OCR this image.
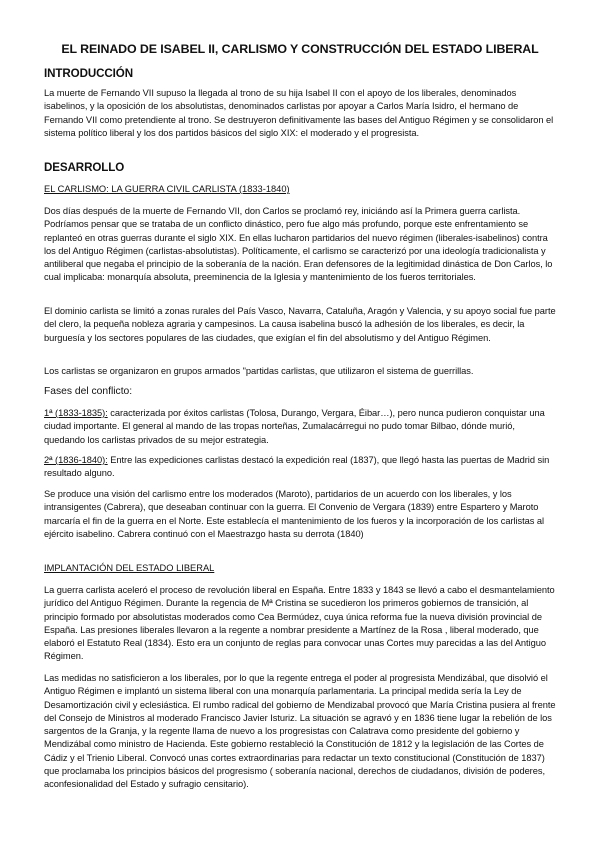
EL REINADO DE ISABEL II, CARLISMO Y CONSTRUCCIÓN DEL ESTADO LIBERAL
INTRODUCCIÓN

La muerte de Fernando VII supuso la llegada al trono de su hija Isabel II con el apoyo de los liberales, denominados isabelinos, y la oposición de los absolutistas, denominados carlistas por apoyar a Carlos María Isidro, el hermano de Fernando VII como pretendiente al trono. Se destruyeron definitivamente las bases del Antiguo Régimen y se consolidaron el sistema político liberal y los dos partidos básicos del siglo XIX: el moderado y el progresista.

DESARROLLO

EL CARLISMO: LA GUERRA CIVIL CARLISTA (1833-1840)

Dos días después de la muerte de Fernando VII, don Carlos se proclamó rey, iniciándo así la Primera guerra carlista. Podríamos pensar que se trataba de un conflicto dinástico, pero fue algo más profundo, porque este enfrentamiento se replanteó en otras guerras durante el siglo XIX. En ellas lucharon partidarios del nuevo régimen (liberales-isabelinos) contra los del Antiguo Régimen (carlistas-absolutistas). Políticamente, el carlismo se caracterizó por una ideología tradicionalista y antiliberal que negaba el principio de la soberanía de la nación. Eran defensores de la legitimidad dinástica de Don Carlos, lo cual implicaba: monarquía absoluta, preeminencia de la Iglesia y mantenimiento de los fueros territoriales.

El dominio carlista se limitó a zonas rurales del País Vasco, Navarra, Cataluña, Aragón y Valencia, y su apoyo social fue parte del clero, la pequeña nobleza agraria y campesinos. La causa isabelina buscó la adhesión de los liberales, es decir, la burguesía y los sectores populares de las ciudades, que exigían el fin del absolutismo y del Antiguo Régimen.

Los carlistas se organizaron en grupos armados "partidas carlistas, que utilizaron el sistema de guerrillas.

Fases del conflicto:

1ª (1833-1835): caracterizada por éxitos carlistas (Tolosa, Durango, Vergara, Éibar…), pero nunca pudieron conquistar una ciudad importante. El general al mando de las tropas norteñas, Zumalacárregui no pudo tomar Bilbao, dónde murió, quedando los carlistas privados de su mejor estrategia.

2ª (1836-1840): Entre las expediciones carlistas destacó la expedición real (1837), que llegó hasta las puertas de Madrid sin resultado alguno.

Se produce una visión del carlismo entre los moderados (Maroto), partidarios de un acuerdo con los liberales, y los intransigentes (Cabrera), que deseaban continuar con la guerra. El Convenio de Vergara (1839) entre Espartero y Maroto marcaría el fin de la guerra en el Norte. Este establecía el mantenimiento de los fueros y la incorporación de los carlistas al ejército isabelino. Cabrera continuó con el Maestrazgo hasta su derrota (1840)

IMPLANTACIÓN DEL ESTADO LIBERAL

La guerra carlista aceleró el proceso de revolución liberal en España. Entre 1833 y 1843 se llevó a cabo el desmantelamiento jurídico del Antiguo Régimen. Durante la regencia de Mª Cristina se sucedieron los primeros gobiernos de transición, al principio formado por absolutistas moderados como Cea Bermúdez, cuya única reforma fue la nueva división provincial de España. Las presiones liberales llevaron a la regente a nombrar presidente a Martínez de la Rosa , liberal moderado, que elaboró el Estatuto Real (1834). Esto era un conjunto de reglas para convocar unas Cortes muy parecidas a las del Antiguo Régimen.

Las medidas no satisficieron a los liberales, por lo que la regente entrega el poder al progresista Mendizábal, que disolvió el Antiguo Régimen e implantó un sistema liberal con una monarquía parlamentaria. La principal medida sería la Ley de Desamortización civil y eclesiástica. El rumbo radical del gobierno de Mendizabal provocó que María Cristina pusiera al frente del Consejo de Ministros al moderado Francisco Javier Isturiz. La situación se agravó y en 1836 tiene lugar la rebelión de los sargentos de la Granja, y la regente llama de nuevo a los progresistas con Calatrava como presidente del gobierno y Mendizábal como ministro de Hacienda. Este gobierno restableció la Constitución de 1812 y la legislación de las Cortes de Cádiz y el Trienio Liberal. Convocó unas cortes extraordinarias para redactar un texto constitucional (Constitución de 1837) que proclamaba los principios básicos del progresismo ( soberanía nacional, derechos de ciudadanos, división de poderes, aconfesionalidad del Estado y sufragio censitario).
